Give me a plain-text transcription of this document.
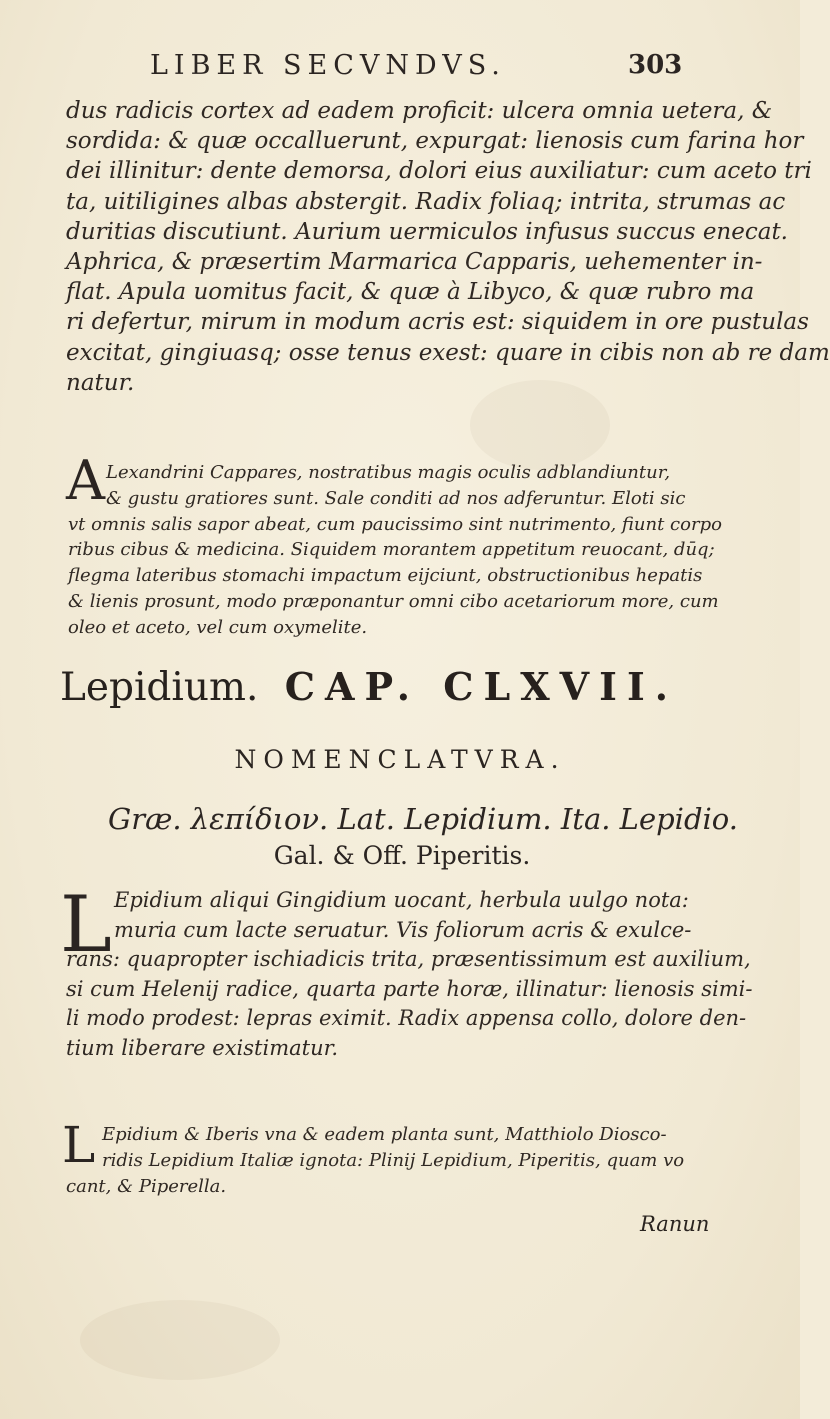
LIBER SECVNDVS.	303
dus radicis cortex ad eadem proficit: ulcera omnia uetera, &
sordida: & quæ occalluerunt, expurgat: lienosis cum farina hor
dei illinitur: dente demorsa, dolori eius auxiliatur: cum aceto tri
ta, uitiligines albas abstergit. Radix foliaq; intrita, strumas ac
duritias discutiunt. Aurium uermiculos infusus succus enecat.
Aphrica, & præsertim Marmarica Capparis, uehementer in-
flat. Apula uomitus facit, & quæ à Libyco, & quæ rubro ma
ri defertur, mirum in modum acris est: siquidem in ore pustulas
excitat, gingiuasq; osse tenus exest: quare in cibis non ab re dam
natur.
A Lexandrini Cappares, nostratibus magis oculis adblandiuntur,
& gustu gratiores sunt. Sale conditi ad nos adferuntur. Eloti sic
vt omnis salis sapor abeat, cum paucissimo sint nutrimento, fiunt corpo
ribus cibus & medicina. Siquidem morantem appetitum reuocant, dūq;
flegma lateribus stomachi impactum eijciunt, obstructionibus hepatis
& lienis prosunt, modo præponantur omni cibo acetariorum more, cum
oleo et aceto, vel cum oxymelite.
Lepidium. CAP. CLXVII.
NOMENCLATVRA.
Græ. λεπίδιον. Lat. Lepidium. Ita. Lepidio.
Gal. & Off. Piperitis.
L Epidium aliqui Gingidium uocant, herbula uulgo nota:
muria cum lacte seruatur. Vis foliorum acris & exulce-
rans: quapropter ischiadicis trita, præsentissimum est auxilium,
si cum Helenij radice, quarta parte horæ, illinatur: lienosis simi-
li modo prodest: lepras eximit. Radix appensa collo, dolore den-
tium liberare existimatur.
L Epidium & Iberis vna & eadem planta sunt, Matthiolo Diosco-
ridis Lepidium Italiæ ignota: Plinij Lepidium, Piperitis, quam vo
cant, & Piperella.
Ranun
